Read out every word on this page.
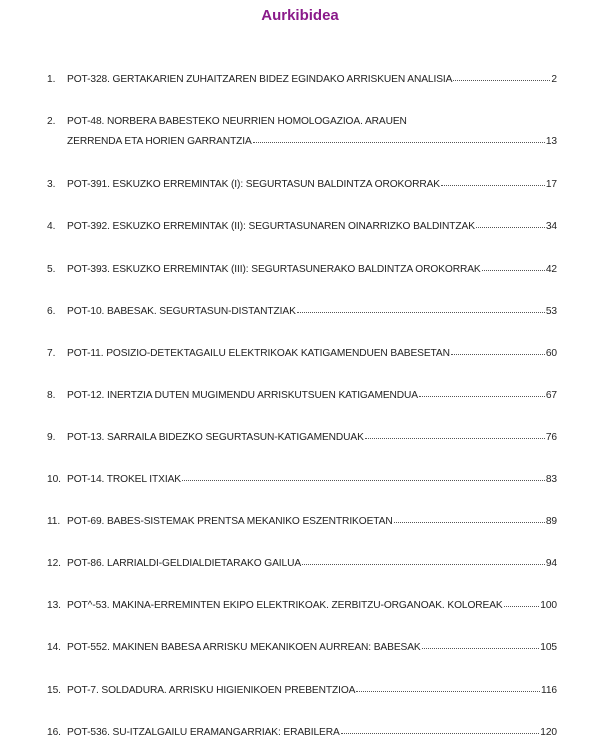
Aurkibidea
1.	POT-328. GERTAKARIEN ZUHAITZAREN BIDEZ EGINDAKO ARRISKUEN ANALISIA	2
2.	POT-48. NORBERA BABESTEKO NEURRIEN HOMOLOGAZIOA. ARAUEN
ZERRENDA ETA HORIEN GARRANTZIA	13
3.	POT-391. ESKUZKO ERREMINTAK (I): SEGURTASUN BALDINTZA OROKORRAK	17
4.	POT-392. ESKUZKO ERREMINTAK (II): SEGURTASUNAREN OINARRIZKO BALDINTZAK	34
5.	POT-393. ESKUZKO ERREMINTAK (III): SEGURTASUNERAKO BALDINTZA OROKORRAK	42
6.	POT-10. BABESAK. SEGURTASUN-DISTANTZIAK	53
7.	POT-11. POSIZIO-DETEKTAGAILU ELEKTRIKOAK KATIGAMENDUEN BABESETAN	60
8.	POT-12. INERTZIA DUTEN MUGIMENDU ARRISKUTSUEN KATIGAMENDUA	67
9.	POT-13. SARRAILA BIDEZKO SEGURTASUN-KATIGAMENDUAK	76
10. POT-14. TROKEL ITXIAK	83
11. POT-69. BABES-SISTEMAK PRENTSA MEKANIKO ESZENTRIKOETAN	89
12. POT-86. LARRIALDI-GELDIALDIETARAKO GAILUA	94
13. POT^-53. MAKINA-ERREMINTEN EKIPO ELEKTRIKOAK. ZERBITZU-ORGANOAK. KOLOREAK	100
14. POT-552. MAKINEN BABESA ARRISKU MEKANIKOEN AURREAN: BABESAK	105
15. POT-7. SOLDADURA. ARRISKU HIGIENIKOEN PREBENTZIOA	116
16. POT-536. SU-ITZALGAILU ERAMANGARRIAK: ERABILERA	120
